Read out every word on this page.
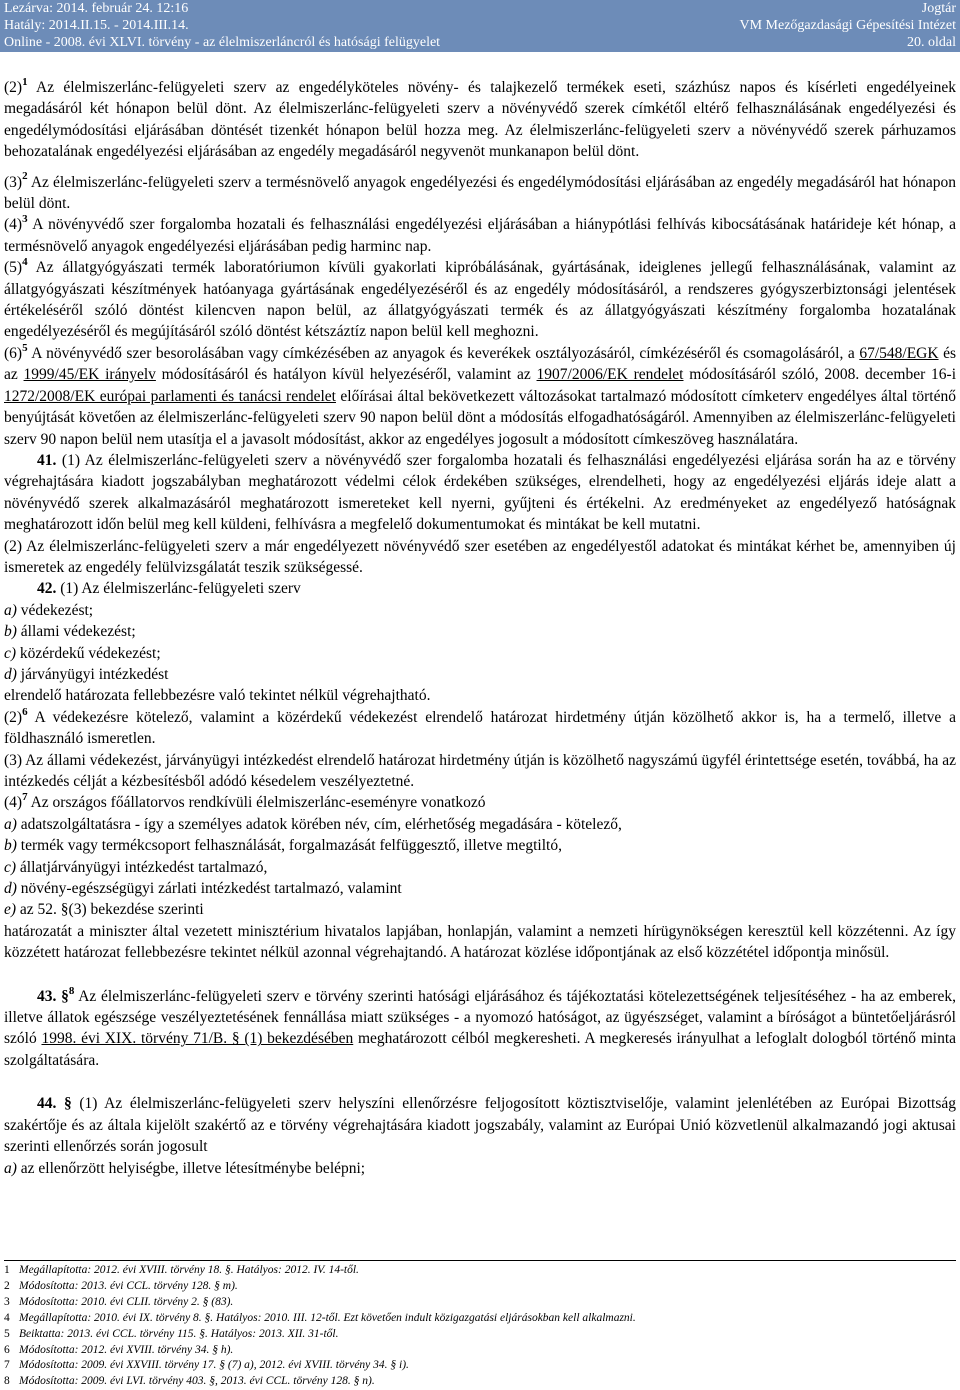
Lezárva: 2014. február 24. 12:16
Hatály: 2014.II.15. - 2014.III.14.
Online - 2008. évi XLVI. törvény - az élelmiszerláncról és hatósági felügyelet
Jogtár
VM Mezőgazdasági Gépesítési Intézet
20. oldal

$(2)^1$ Az élelmiszerlánc-felügyeleti szerv az engedélyköteles növény- és talajkezelő termékek eseti, százhúsz napos és kísérleti engedélyeinek megadásáról két hónapon belül dönt. Az élelmiszerlánc-felügyeleti szerv a növényvédő szerek címkétől eltérő felhasználásának engedélyezési és engedélymódosítási eljárásában döntését tizenkét hónapon belül hozza meg. Az élelmiszerlánc-felügyeleti szerv a növényvédő szerek párhuzamos behozatalának engedélyezési eljárásában az engedély megadásáról negyvenöt munkanapon belül dönt.

$(3)^2$ Az élelmiszerlánc-felügyeleti szerv a termésnövelő anyagok engedélyezési és engedélymódosítási eljárásában az engedély megadásáról hat hónapon belül dönt.

$(4)^3$ A növényvédő szer forgalomba hozatali és felhasználási engedélyezési eljárásában a hiánypótlási felhívás kibocsátásának határideje két hónap, a termésnövelő anyagok engedélyezési eljárásában pedig harminc nap.

$(5)^4$ Az állatgyógyászati termék laboratóriumon kívüli gyakorlati kipróbálásának, gyártásának, ideiglenes jellegű felhasználásának, valamint az állatgyógyászati készítmények hatóanyaga gyártásának engedélyezéséről és az engedély módosításáról, a rendszeres gyógyszerbiztonsági jelentések értékeléséről szóló döntést kilencven napon belül, az állatgyógyászati termék és az állatgyógyászati készítmény forgalomba hozatalának engedélyezéséről és megújításáról szóló döntést kétszáztíz napon belül kell meghozni.

$(6)^5$ A növényvédő szer besorolásában vagy címkézésében az anyagok és keverékek osztályozásáról, címkézéséről és csomagolásáról, a 67/548/EGK és az 1999/45/EK irányelv módosításáról és hatályon kívül helyezéséről, valamint az 1907/2006/EK rendelet módosításáról szóló, 2008. december 16-i 1272/2008/EK európai parlamenti és tanácsi rendelet előírásai által bekövetkezett változásokat tartalmazó módosított címketerv engedélyes által történő benyújtását követően az élelmiszerlánc-felügyeleti szerv 90 napon belül dönt a módosítás elfogadhatóságáról. Amennyiben az élelmiszerlánc-felügyeleti szerv 90 napon belül nem utasítja el a javasolt módosítást, akkor az engedélyes jogosult a módosított címkeszöveg használatára.

41. (1) Az élelmiszerlánc-felügyeleti szerv a növényvédő szer forgalomba hozatali és felhasználási engedélyezési eljárása során ha az e törvény végrehajtására kiadott jogszabályban meghatározott védelmi célok érdekében szükséges, elrendelheti, hogy az engedélyezési eljárás ideje alatt a növényvédő szerek alkalmazásáról meghatározott ismereteket kell nyerni, gyűjteni és értékelni. Az eredményeket az engedélyező hatóságnak meghatározott időn belül meg kell küldeni, felhívásra a megfelelő dokumentumokat és mintákat be kell mutatni.

(2) Az élelmiszerlánc-felügyeleti szerv a már engedélyezett növényvédő szer esetében az engedélyestől adatokat és mintákat kérhet be, amennyiben új ismeretek az engedély felülvizsgálatát teszik szükségessé.

42. (1) Az élelmiszerlánc-felügyeleti szerv

a) védekezést;

b) állami védekezést;

c) közérdekű védekezést;

d) járványügyi intézkedést

elrendelő határozata fellebbezésre való tekintet nélkül végrehajtható.

$(2)^6$ A védekezésre kötelező, valamint a közérdekű védekezést elrendelő határozat hirdetmény útján közölhető akkor is, ha a termelő, illetve a földhasználó ismeretlen.

(3) Az állami védekezést, járványügyi intézkedést elrendelő határozat hirdetmény útján is közölhető nagyszámú ügyfél érintettsége esetén, továbbá, ha az intézkedés célját a kézbesítésből adódó késedelem veszélyeztetné.

$(4)^7$ Az országos főállatorvos rendkívüli élelmiszerlánc-eseményre vonatkozó

a) adatszolgáltatásra - így a személyes adatok körében név, cím, elérhetőség megadására - kötelező,

b) termék vagy termékcsoport felhasználását, forgalmazását felfüggesztő, illetve megtiltó,

c) állatjárványügyi intézkedést tartalmazó,

d) növény-egészségügyi zárlati intézkedést tartalmazó, valamint

e) az 52. §(3) bekezdése szerinti

határozatát a miniszter által vezetett minisztérium hivatalos lapjában, honlapján, valamint a nemzeti hírügynökségen keresztül kell közzétenni. Az így közzétett határozat fellebbezésre tekintet nélkül azonnal végrehajtandó. A határozat közlése időpontjának az első közzététel időpontja minősül.

43. §$^8$ Az élelmiszerlánc-felügyeleti szerv e törvény szerinti hatósági eljárásához és tájékoztatási kötelezettségének teljesítéséhez - ha az emberek, illetve állatok egészsége veszélyeztetésének fennállása miatt szükséges - a nyomozó hatóságot, az ügyészséget, valamint a bíróságot a büntetőeljárásról szóló 1998. évi XIX. törvény 71/B. § (1) bekezdésében meghatározott célból megkeresheti. A megkeresés irányulhat a lefoglalt dologból történő minta szolgáltatására.

44. § (1) Az élelmiszerlánc-felügyeleti szerv helyszíni ellenőrzésre feljogosított köztisztviselője, valamint jelenlétében az Európai Bizottság szakértője és az általa kijelölt szakértő az e törvény végrehajtására kiadott jogszabály, valamint az Európai Unió közvetlenül alkalmazandó jogi aktusai szerinti ellenőrzés során jogosult

a) az ellenőrzött helyiségbe, illetve létesítménybe belépni;

1 Megállapította: 2012. évi XVIII. törvény 18. §. Hatályos: 2012. IV. 14-től.
2 Módosította: 2013. évi CCL. törvény 128. § m).
3 Módosította: 2010. évi CLII. törvény 2. § (83).
4 Megállapította: 2010. évi IX. törvény 8. §. Hatályos: 2010. III. 12-től. Ezt követően indult közigazgatási eljárásokban kell alkalmazni.
5 Beiktatta: 2013. évi CCL. törvény 115. §. Hatályos: 2013. XII. 31-től.
6 Módosította: 2012. évi XVIII. törvény 34. § h).
7 Módosította: 2009. évi XXVIII. törvény 17. § (7) a), 2012. évi XVIII. törvény 34. § i).
8 Módosította: 2009. évi LVI. törvény 403. §, 2013. évi CCL. törvény 128. § n).
